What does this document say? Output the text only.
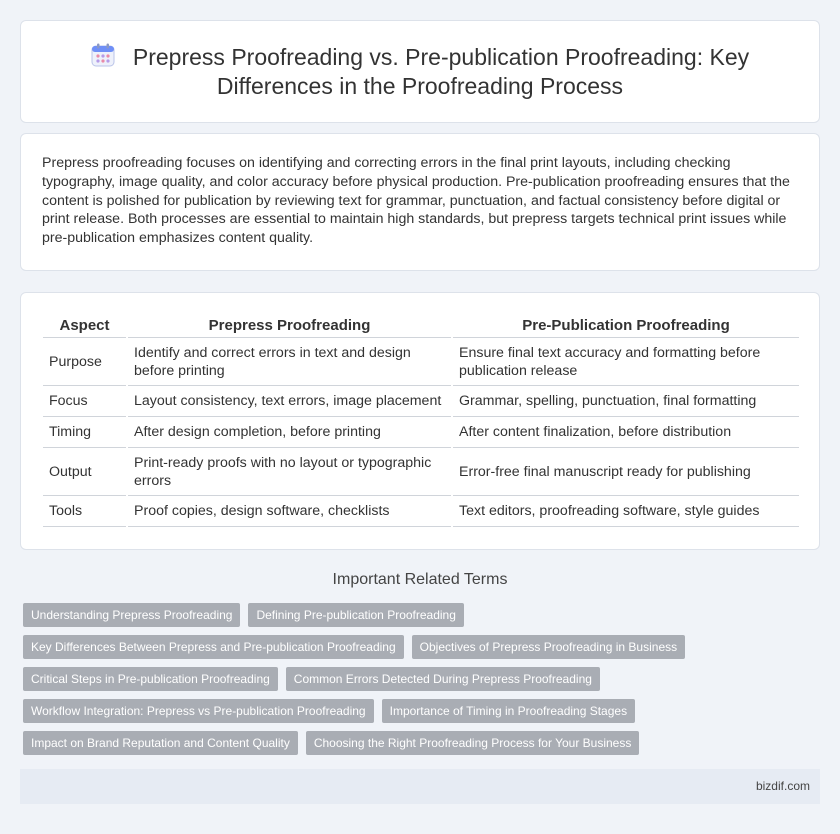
Prepress Proofreading vs. Pre-publication Proofreading: Key Differences in the Proofreading Process

Prepress proofreading focuses on identifying and correcting errors in the final print layouts, including checking typography, image quality, and color accuracy before physical production. Pre-publication proofreading ensures that the content is polished for publication by reviewing text for grammar, punctuation, and factual consistency before digital or print release. Both processes are essential to maintain high standards, but prepress targets technical print issues while pre-publication emphasizes content quality.

Aspect	Prepress Proofreading	Pre-Publication Proofreading
Purpose	Identify and correct errors in text and design before printing	Ensure final text accuracy and formatting before publication release
Focus	Layout consistency, text errors, image placement	Grammar, spelling, punctuation, final formatting
Timing	After design completion, before printing	After content finalization, before distribution
Output	Print-ready proofs with no layout or typographic errors	Error-free final manuscript ready for publishing
Tools	Proof copies, design software, checklists	Text editors, proofreading software, style guides
Important Related Terms
Understanding Prepress Proofreading	Defining Pre-publication Proofreading
Key Differences Between Prepress and Pre-publication Proofreading	Objectives of Prepress Proofreading in Business
Critical Steps in Pre-publication Proofreading	Common Errors Detected During Prepress Proofreading
Workflow Integration: Prepress vs Pre-publication Proofreading	Importance of Timing in Proofreading Stages
Impact on Brand Reputation and Content Quality	Choosing the Right Proofreading Process for Your Business
bizdif.com
